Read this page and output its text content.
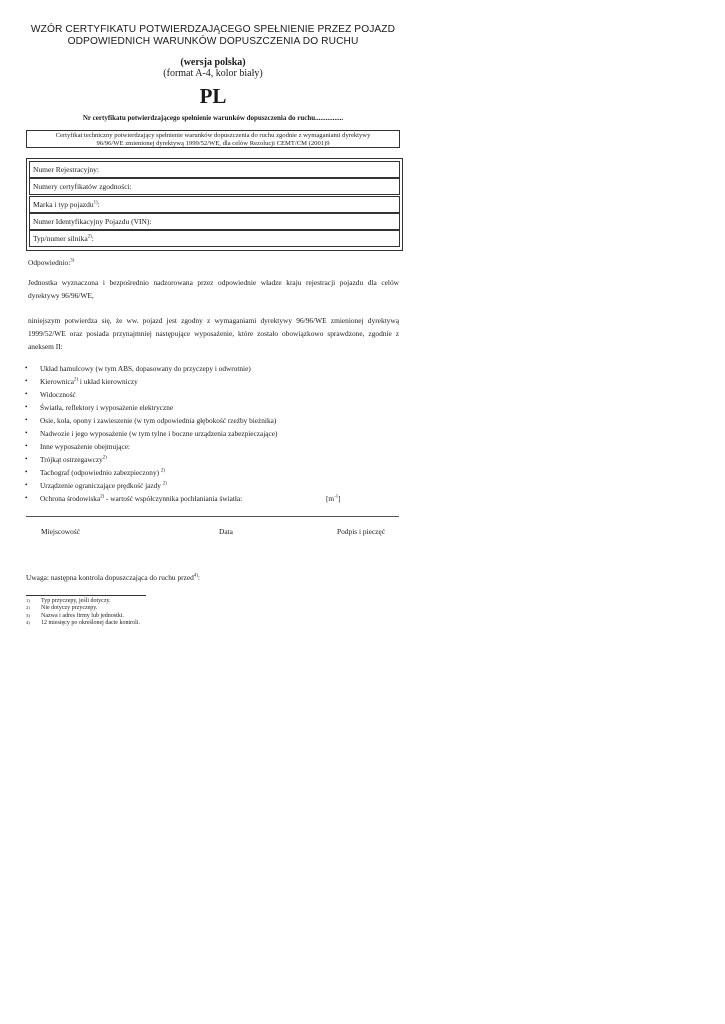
WZÓR CERTYFIKATU POTWIERDZAJĄCEGO SPEŁNIENIE PRZEZ POJAZD
ODPOWIEDNICH WARUNKÓW DOPUSZCZENIA DO RUCHU
(wersja polska)
(format A-4, kolor biały)
PL
Nr certyfikatu potwierdzającego spełnienie warunków dopuszczenia do ruchu................
Certyfikat techniczny potwierdzający spełnienie warunków dopuszczenia do ruchu zgodnie z wymaganiami dyrektywy
96/96/WE zmienionej dyrektywą 1999/52/WE, dla celów Rezolucji CEMT/CM (2001)9
Numer Rejestracyjny:
Numery certyfikatów zgodności:
Marka i typ pojazdu$^{1)}$:
Numer Identyfikacyjny Pojazdu (VIN):
Typ/numer silnika$^{2)}$:
Odpowiednio:$^{3)}$
Jednostka wyznaczona i bezpośrednio nadzorowana przez odpowiednie władze kraju rejestracji pojazdu dla celów dyrektywy 96/96/WE,
niniejszym potwierdza się, że ww. pojazd jest zgodny z wymaganiami dyrektywy 96/96/WE zmienionej dyrektywą 1999/52/WE oraz posiada przynajmniej następujące wyposażenie, które zostało obowiązkowo sprawdzone, zgodnie z aneksem II:
• Układ hamulcowy (w tym ABS, dopasowany do przyczepy i odwrotnie)
• Kierownica$^{2)}$ i układ kierowniczy
• Widoczność
• Światła, reflektory i wyposażenie elektryczne
• Osie, koła, opony i zawieszenie (w tym odpowiednia głębokość rzeźby bieżnika)
• Nadwozie i jego wyposażenie (w tym tylne i boczne urządzenia zabezpieczające)
• Inne wyposażenie obejmujące:
• Trójkąt ostrzegawczy$^{2)}$
• Tachograf (odpowiednio zabezpieczony) $^{2)}$
• Urządzenie ograniczające prędkość jazdy $^{2)}$
• Ochrona środowiska$^{2)}$ - wartość współczynnika pochłaniania światła:	$[m^{-1}]$
Miejscowość	Data	Podpis i pieczęć
Uwaga: następna kontrola dopuszczająca do ruchu przed$^{4)}$:
1) Typ przyczepy, jeśli dotyczy.
2) Nie dotyczy przyczepy.
3) Nazwa i adres firmy lub jednostki.
4) 12 miesięcy po określonej dacie kontroli.
